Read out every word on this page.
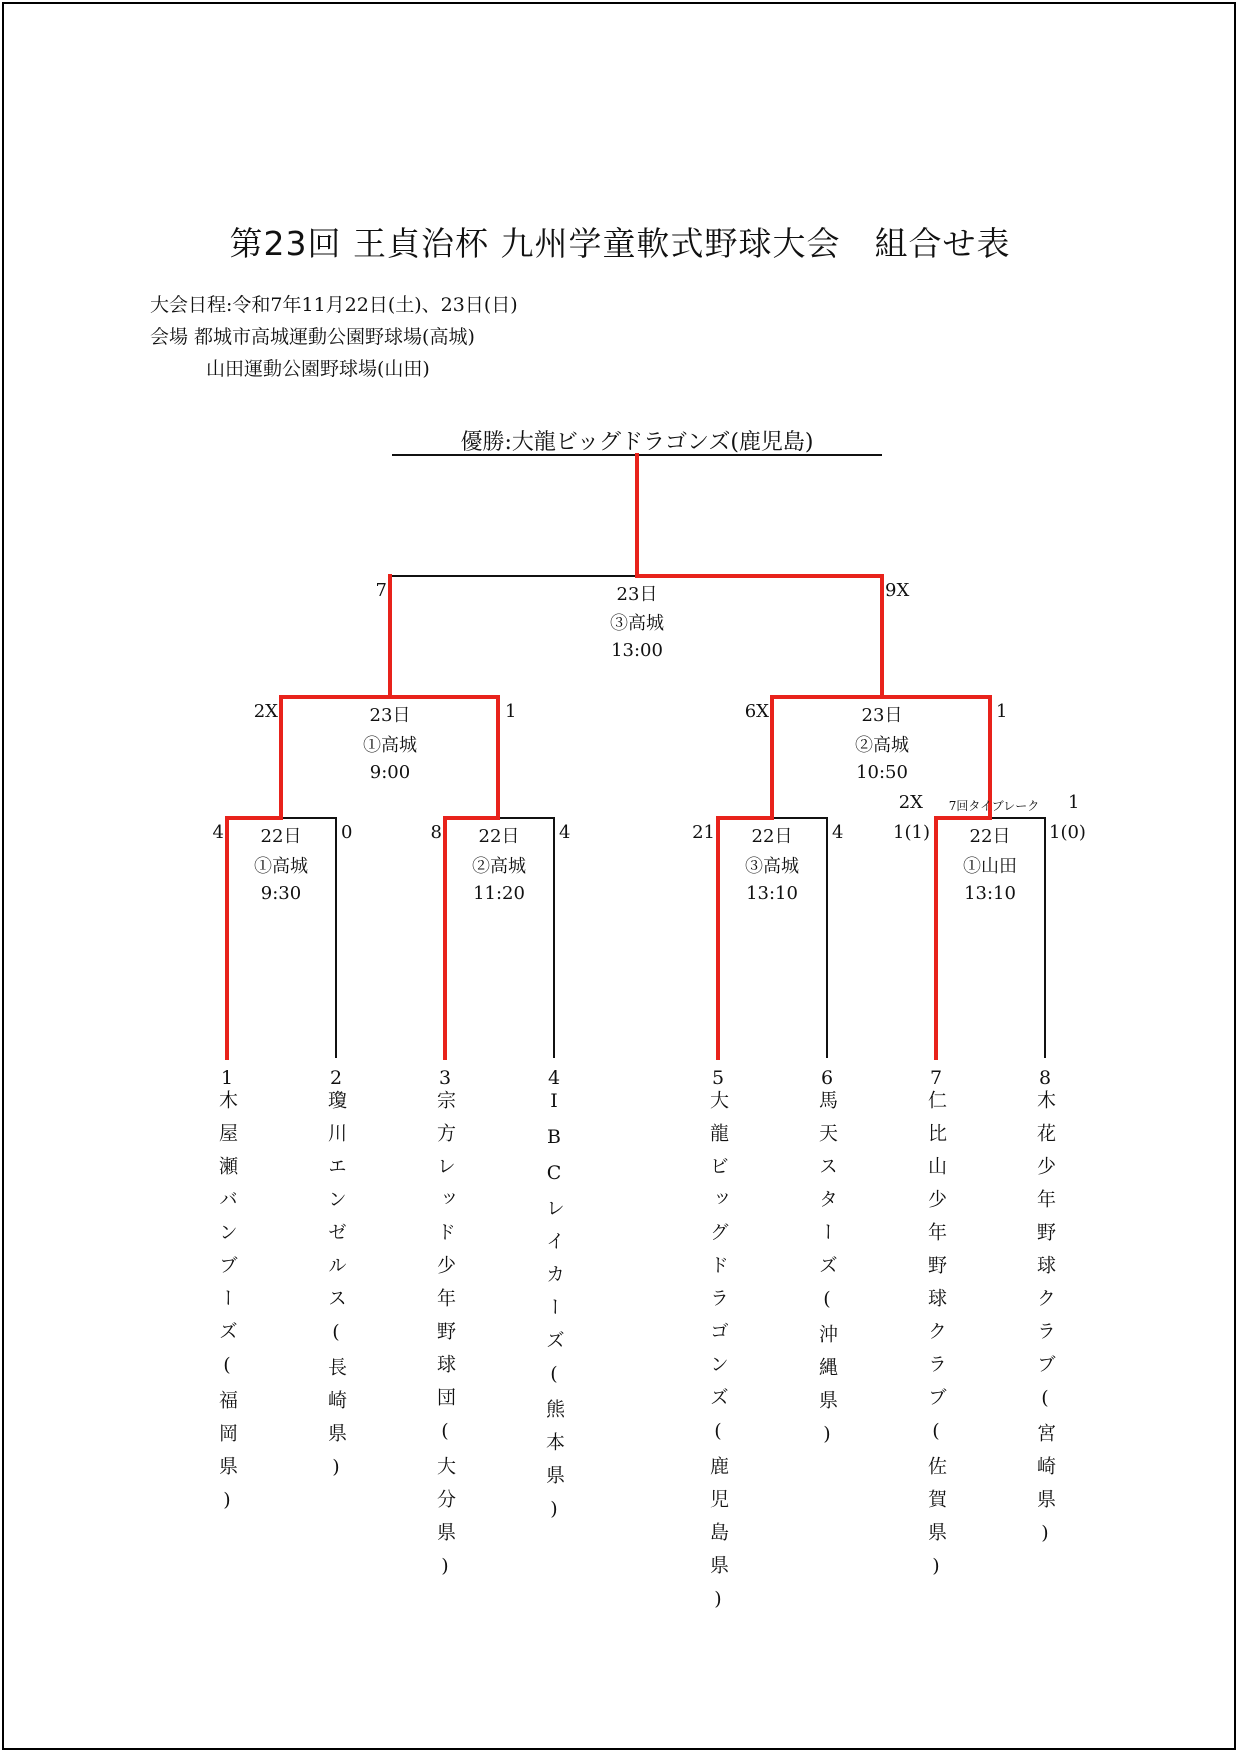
第23回 王貞治杯 九州学童軟式野球大会　組合せ表
大会日程:令和7年11月22日(土)、23日(日)
会場 都城市高城運動公園野球場(高城)
山田運動公園野球場(山田)
優勝:大龍ビッグドラゴンズ(鹿児島)
7	9X
23日
③高城
13:00
2X	1
23日
①高城
9:00
6X	1
23日
②高城
10:50
4	0
22日
①高城
9:30
8	4
22日
②高城
11:20
21	4
22日
③高城
13:10
1(1)	1(0)
2X 7回タイブレーク 1
22日
①山田
13:10
1
木屋瀬バンブーズ(福岡県)
2
瓊川エンゼルス(長崎県)
3
宗方レッド少年野球団(大分県)
4
IBCレイカーズ(熊本県)
5
大龍ビッグドラゴンズ(鹿児島県)
6
馬天スターズ(沖縄県)
7
仁比山少年野球クラブ(佐賀県)
8
木花少年野球クラブ(宮崎県)
